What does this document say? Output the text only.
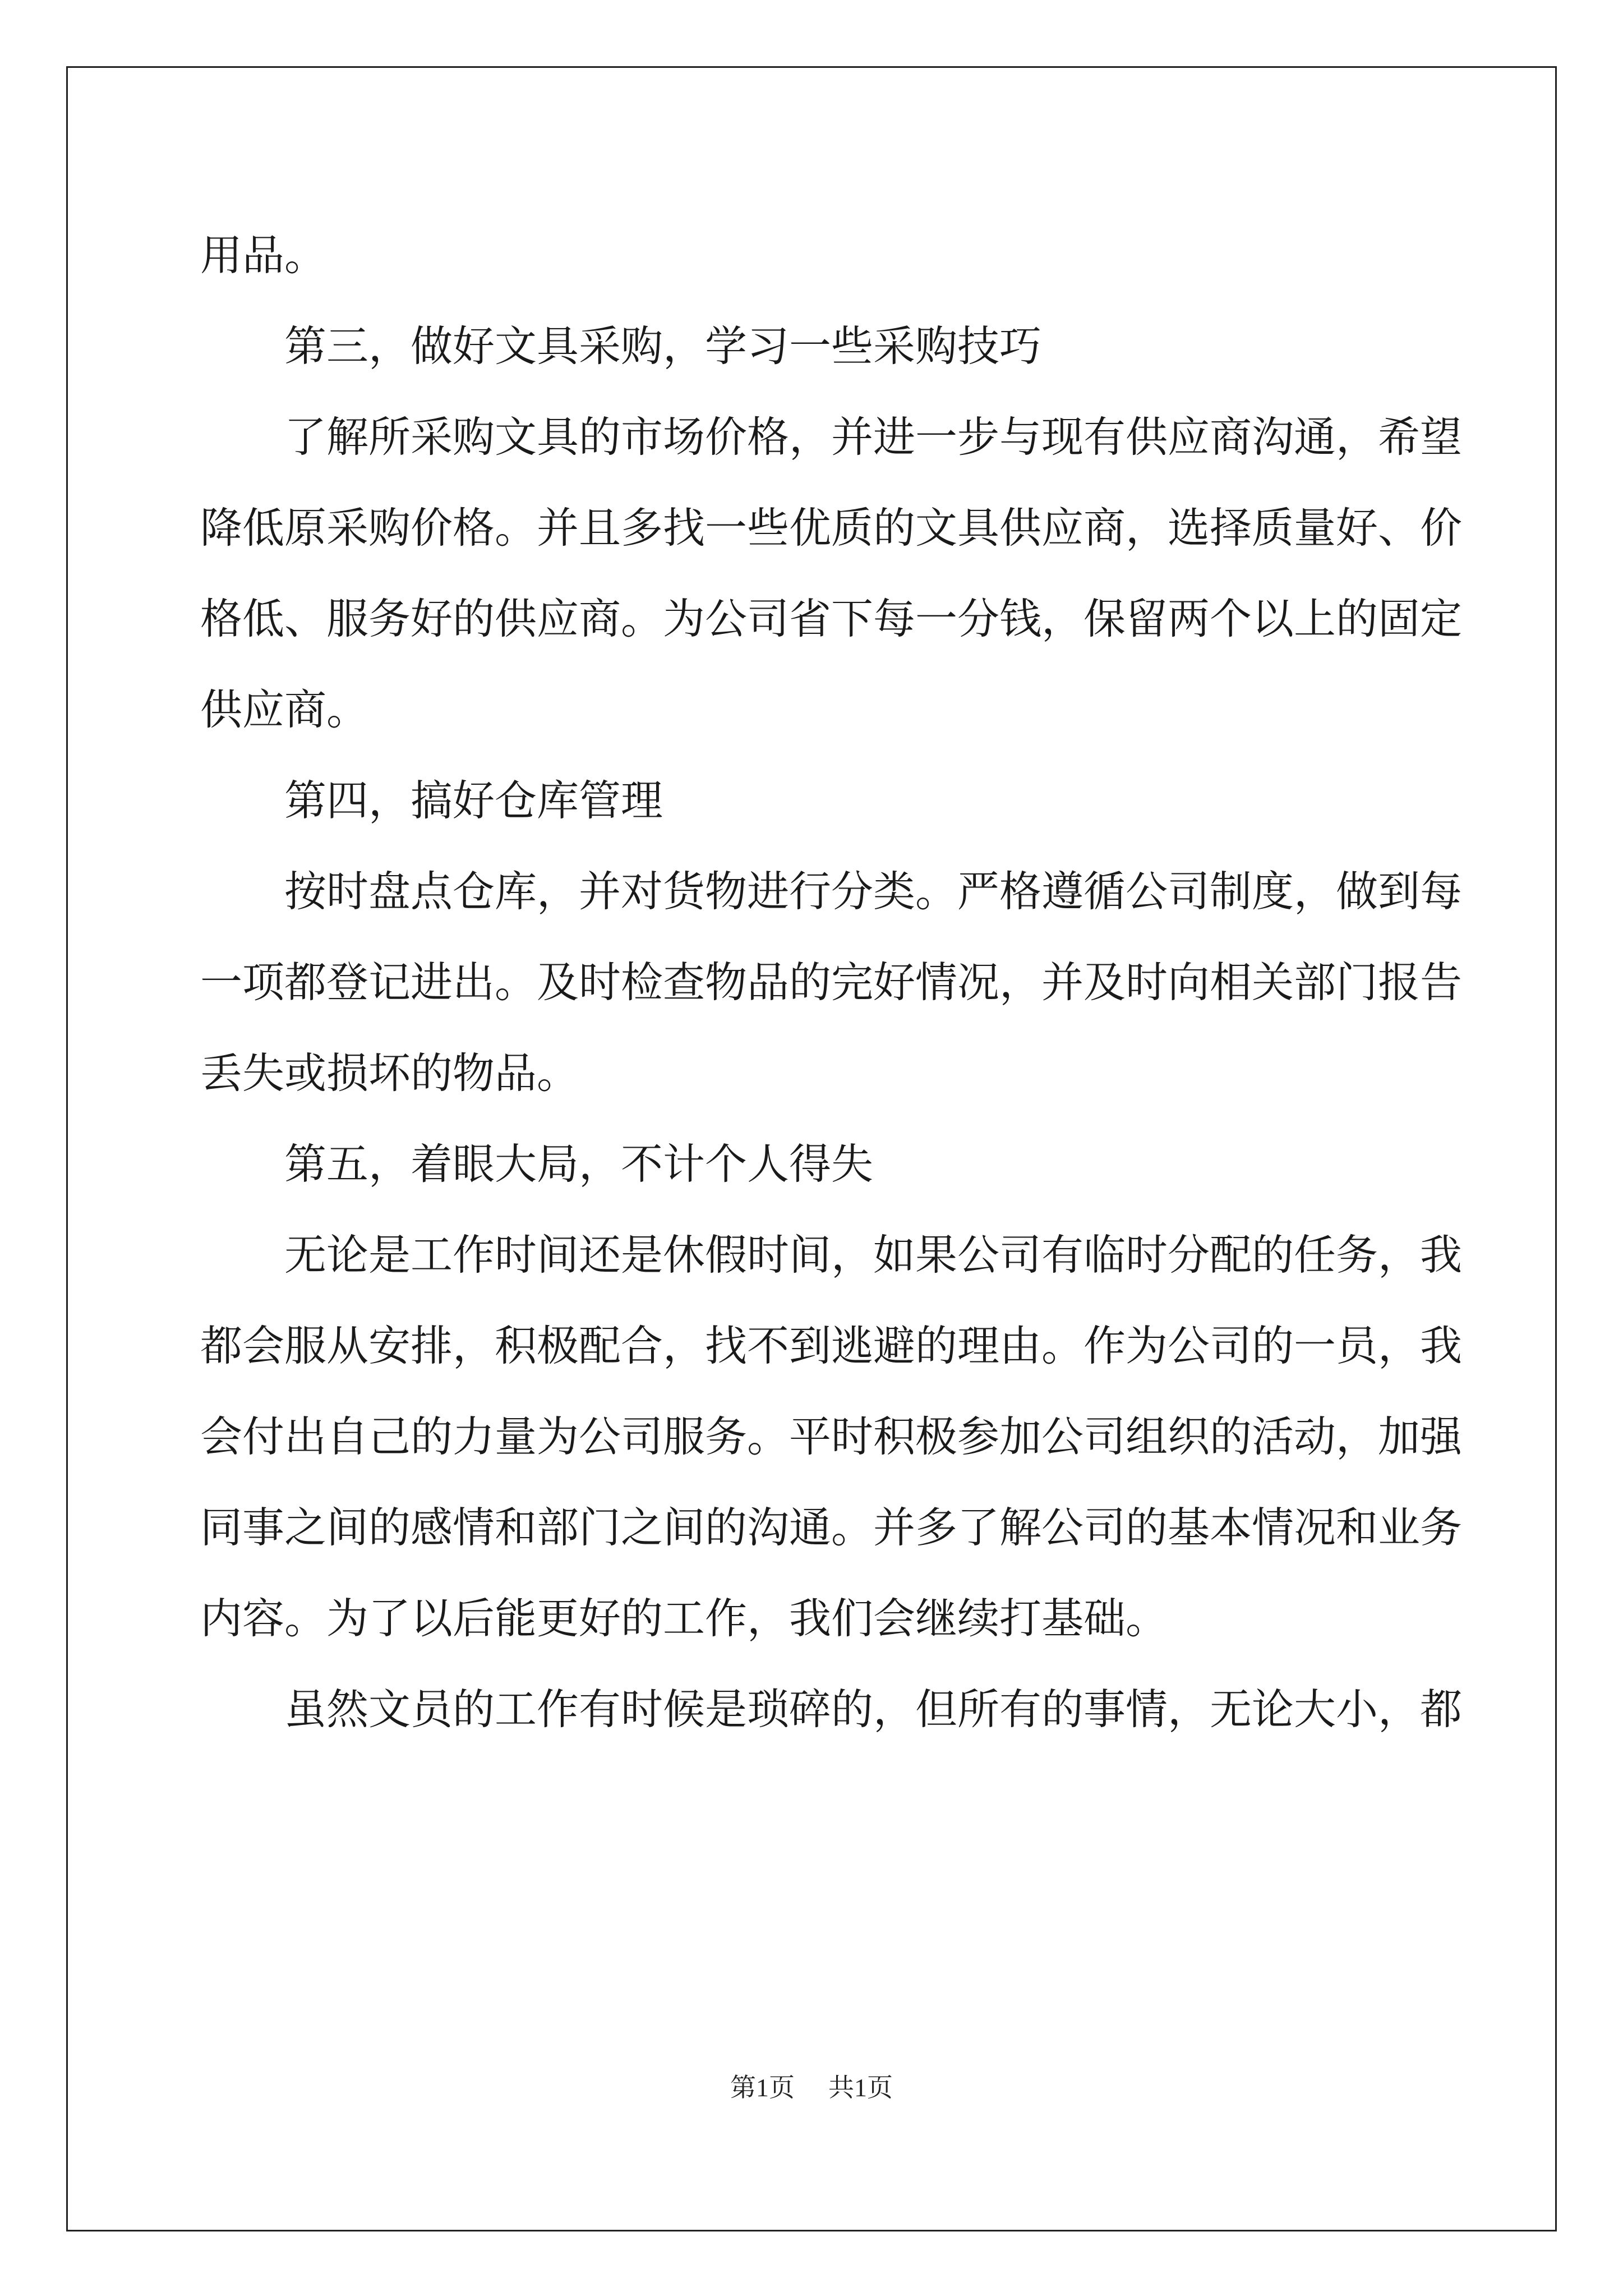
用品。

　　第三，做好文具采购，学习一些采购技巧

　　了解所采购文具的市场价格，并进一步与现有供应商沟通，希望

降低原采购价格。并且多找一些优质的文具供应商，选择质量好、价

格低、服务好的供应商。为公司省下每一分钱，保留两个以上的固定

供应商。

　　第四，搞好仓库管理

　　按时盘点仓库，并对货物进行分类。严格遵循公司制度，做到每

一项都登记进出。及时检查物品的完好情况，并及时向相关部门报告

丢失或损坏的物品。

　　第五，着眼大局，不计个人得失

　　无论是工作时间还是休假时间，如果公司有临时分配的任务，我

都会服从安排，积极配合，找不到逃避的理由。作为公司的一员，我

会付出自己的力量为公司服务。平时积极参加公司组织的活动，加强

同事之间的感情和部门之间的沟通。并多了解公司的基本情况和业务

内容。为了以后能更好的工作，我们会继续打基础。

　　虽然文员的工作有时候是琐碎的，但所有的事情，无论大小，都

第1页 共1页
